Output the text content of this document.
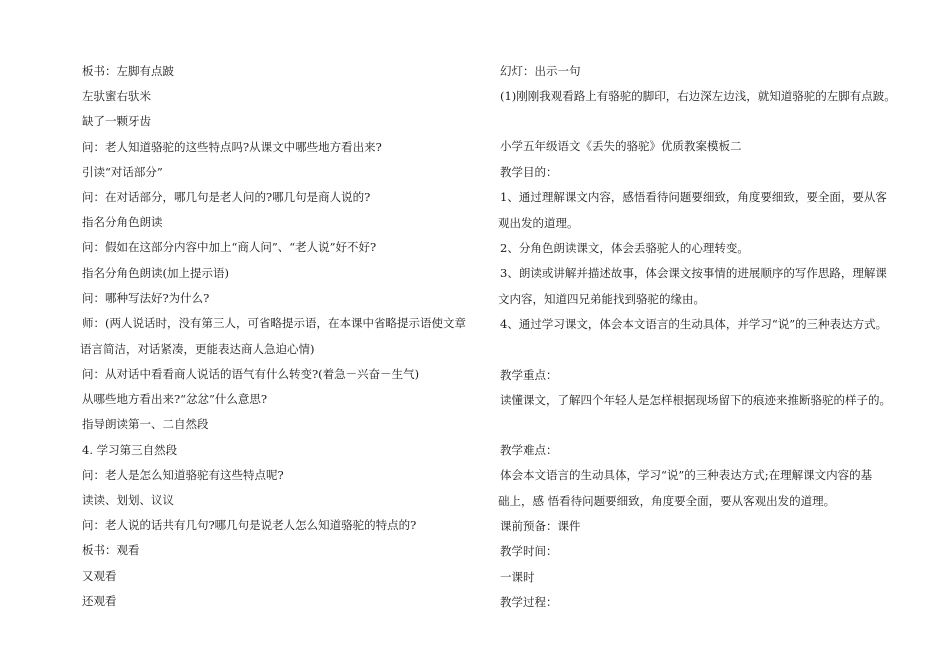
板书：左脚有点跛
左驮蜜右驮米
缺了一颗牙齿
问：老人知道骆驼的这些特点吗?从课文中哪些地方看出来?
引读“对话部分”
问：在对话部分，哪几句是老人问的?哪几句是商人说的?
指名分角色朗读
问：假如在这部分内容中加上“商人问”、“老人说”好不好?
指名分角色朗读(加上提示语)
问：哪种写法好?为什么?
师：(两人说话时，没有第三人，可省略提示语，在本课中省略提示语使文章
语言简洁，对话紧凑，更能表达商人急迫心情)
问：从对话中看看商人说话的语气有什么转变?(着急－兴奋－生气)
从哪些地方看出来?“忿忿”什么意思?
指导朗读第一、二自然段
4. 学习第三自然段
问：老人是怎么知道骆驼有这些特点呢?
读读、划划、议议
问：老人说的话共有几句?哪几句是说老人怎么知道骆驼的特点的?
板书：观看
又观看
还观看
幻灯：出示一句
(1)刚刚我观看路上有骆驼的脚印，右边深左边浅，就知道骆驼的左脚有点跛。
小学五年级语文《丢失的骆驼》优质教案模板二
教学目的：
1、通过理解课文内容，感悟看待问题要细致，角度要细致，要全面，要从客
观出发的道理。
2、分角色朗读课文，体会丢骆驼人的心理转变。
3、朗读或讲解并描述故事，体会课文按事情的进展顺序的写作思路，理解课
文内容，知道四兄弟能找到骆驼的缘由。
4、通过学习课文，体会本文语言的生动具体，并学习“说”的三种表达方式。
教学重点：
读懂课文，了解四个年轻人是怎样根据现场留下的痕迹来推断骆驼的样子的。
教学难点：
体会本文语言的生动具体，学习“说”的三种表达方式;在理解课文内容的基
础上，感 悟看待问题要细致，角度要全面，要从客观出发的道理。
课前预备：课件
教学时间：
一课时
教学过程：
